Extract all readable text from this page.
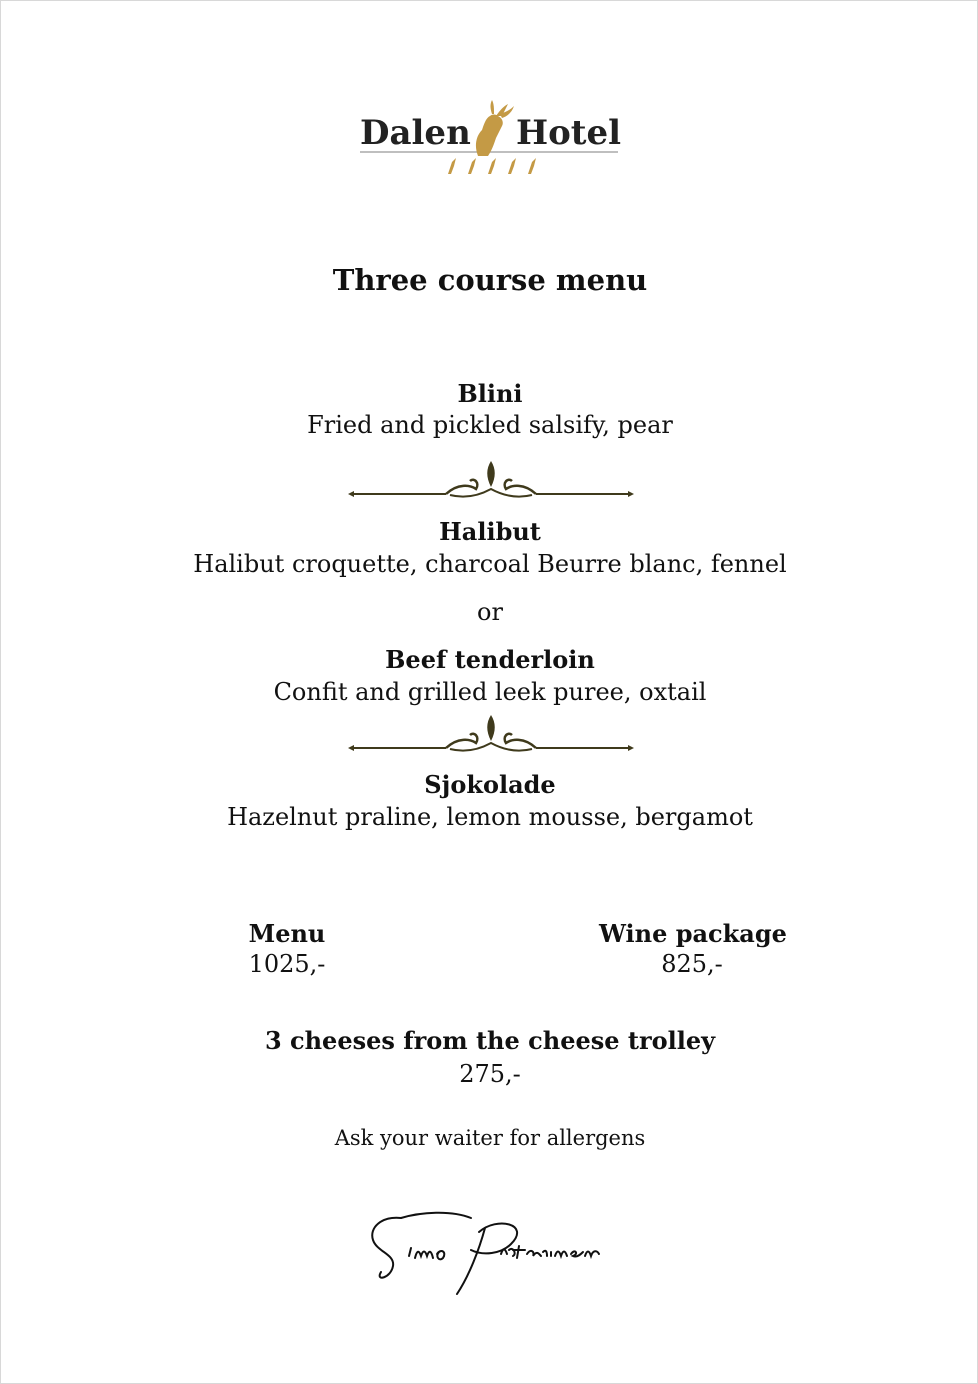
Dalen Hotel
Three course menu
Blini
Fried and pickled salsify, pear
Halibut
Halibut croquette, charcoal Beurre blanc, fennel
or
Beef tenderloin
Confit and grilled leek puree, oxtail
Sjokolade
Hazelnut praline, lemon mousse, bergamot
Menu
1025,-
Wine package
825,-
3 cheeses from the cheese trolley
275,-
Ask your waiter for allergens
